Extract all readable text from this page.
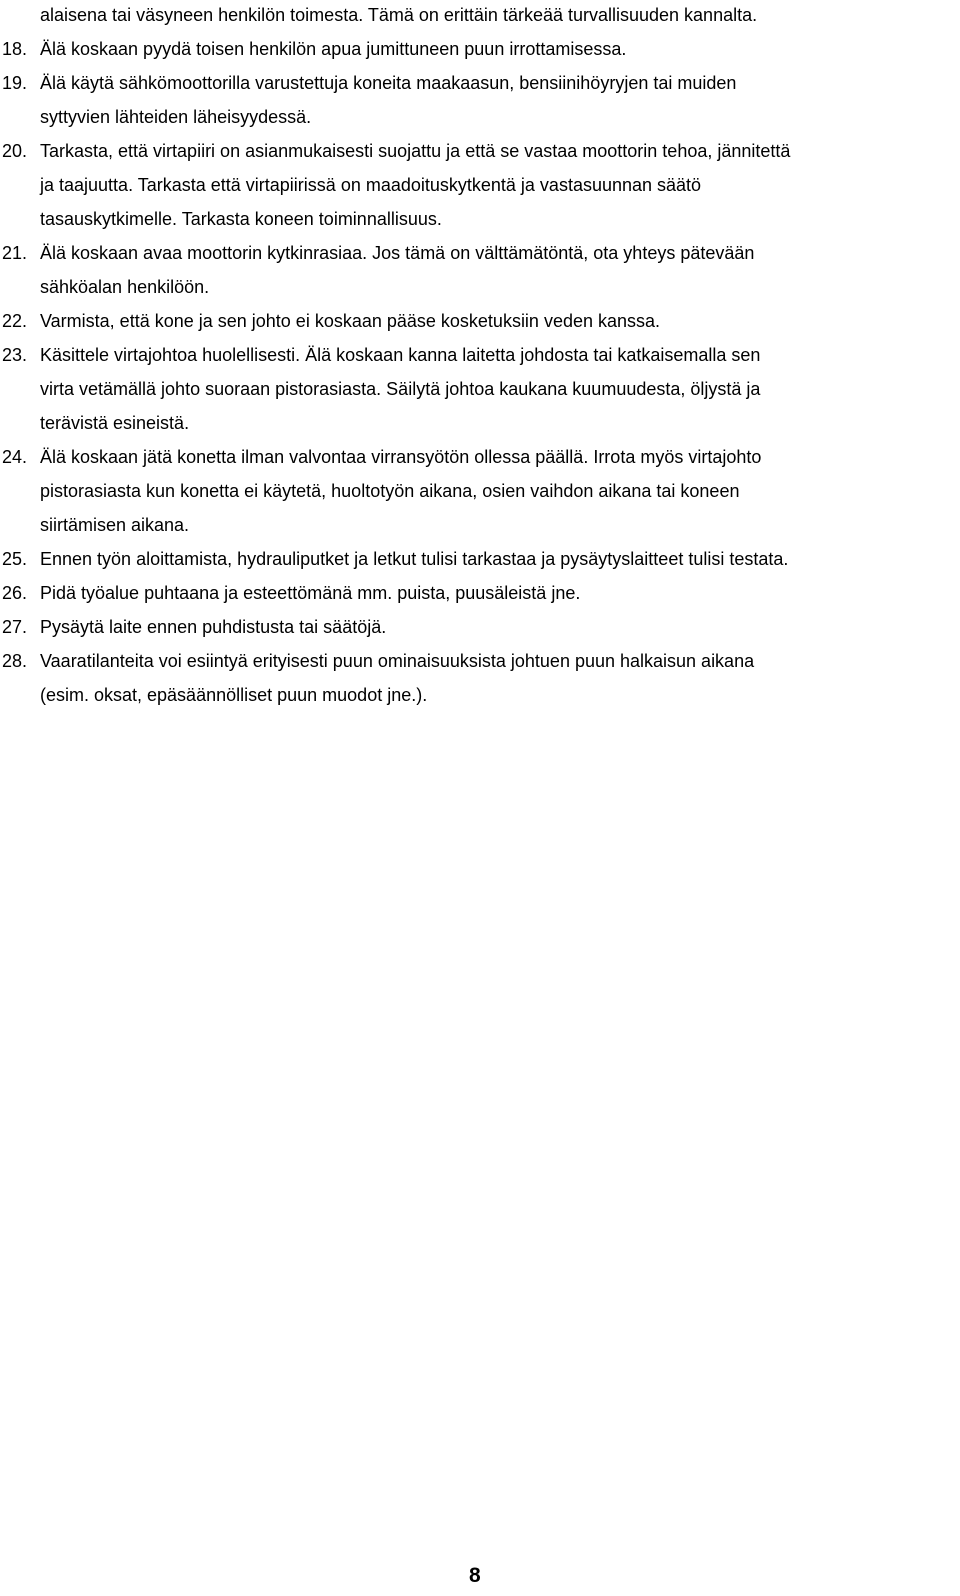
alaisena tai väsyneen henkilön toimesta. Tämä on erittäin tärkeää turvallisuuden kannalta.
18. Älä koskaan pyydä toisen henkilön apua jumittuneen puun irrottamisessa.
19. Älä käytä sähkömoottorilla varustettuja koneita maakaasun, bensiinihöyryjen tai muiden
syttyvien lähteiden läheisyydessä.
20. Tarkasta, että virtapiiri on asianmukaisesti suojattu ja että se vastaa moottorin tehoa, jännitettä
ja taajuutta. Tarkasta että virtapiirissä on maadoituskytkentä ja vastasuunnan säätö
tasauskytkimelle. Tarkasta koneen toiminnallisuus.
21. Älä koskaan avaa moottorin kytkinrasiaa. Jos tämä on välttämätöntä, ota yhteys pätevään
sähköalan henkilöön.
22. Varmista, että kone ja sen johto ei koskaan pääse kosketuksiin veden kanssa.
23. Käsittele virtajohtoa huolellisesti. Älä koskaan kanna laitetta johdosta tai katkaisemalla sen
virta vetämällä johto suoraan pistorasiasta. Säilytä johtoa kaukana kuumuudesta, öljystä ja
terävistä esineistä.
24. Älä koskaan jätä konetta ilman valvontaa virransyötön ollessa päällä. Irrota myös virtajohto
pistorasiasta kun konetta ei käytetä, huoltotyön aikana, osien vaihdon aikana tai koneen
siirtämisen aikana.
25. Ennen työn aloittamista, hydrauliputket ja letkut tulisi tarkastaa ja pysäytyslaitteet tulisi testata.
26. Pidä työalue puhtaana ja esteettömänä mm. puista, puusäleistä jne.
27. Pysäytä laite ennen puhdistusta tai säätöjä.
28. Vaaratilanteita voi esiintyä erityisesti puun ominaisuuksista johtuen puun halkaisun aikana
(esim. oksat, epäsäännölliset puun muodot jne.).
8
